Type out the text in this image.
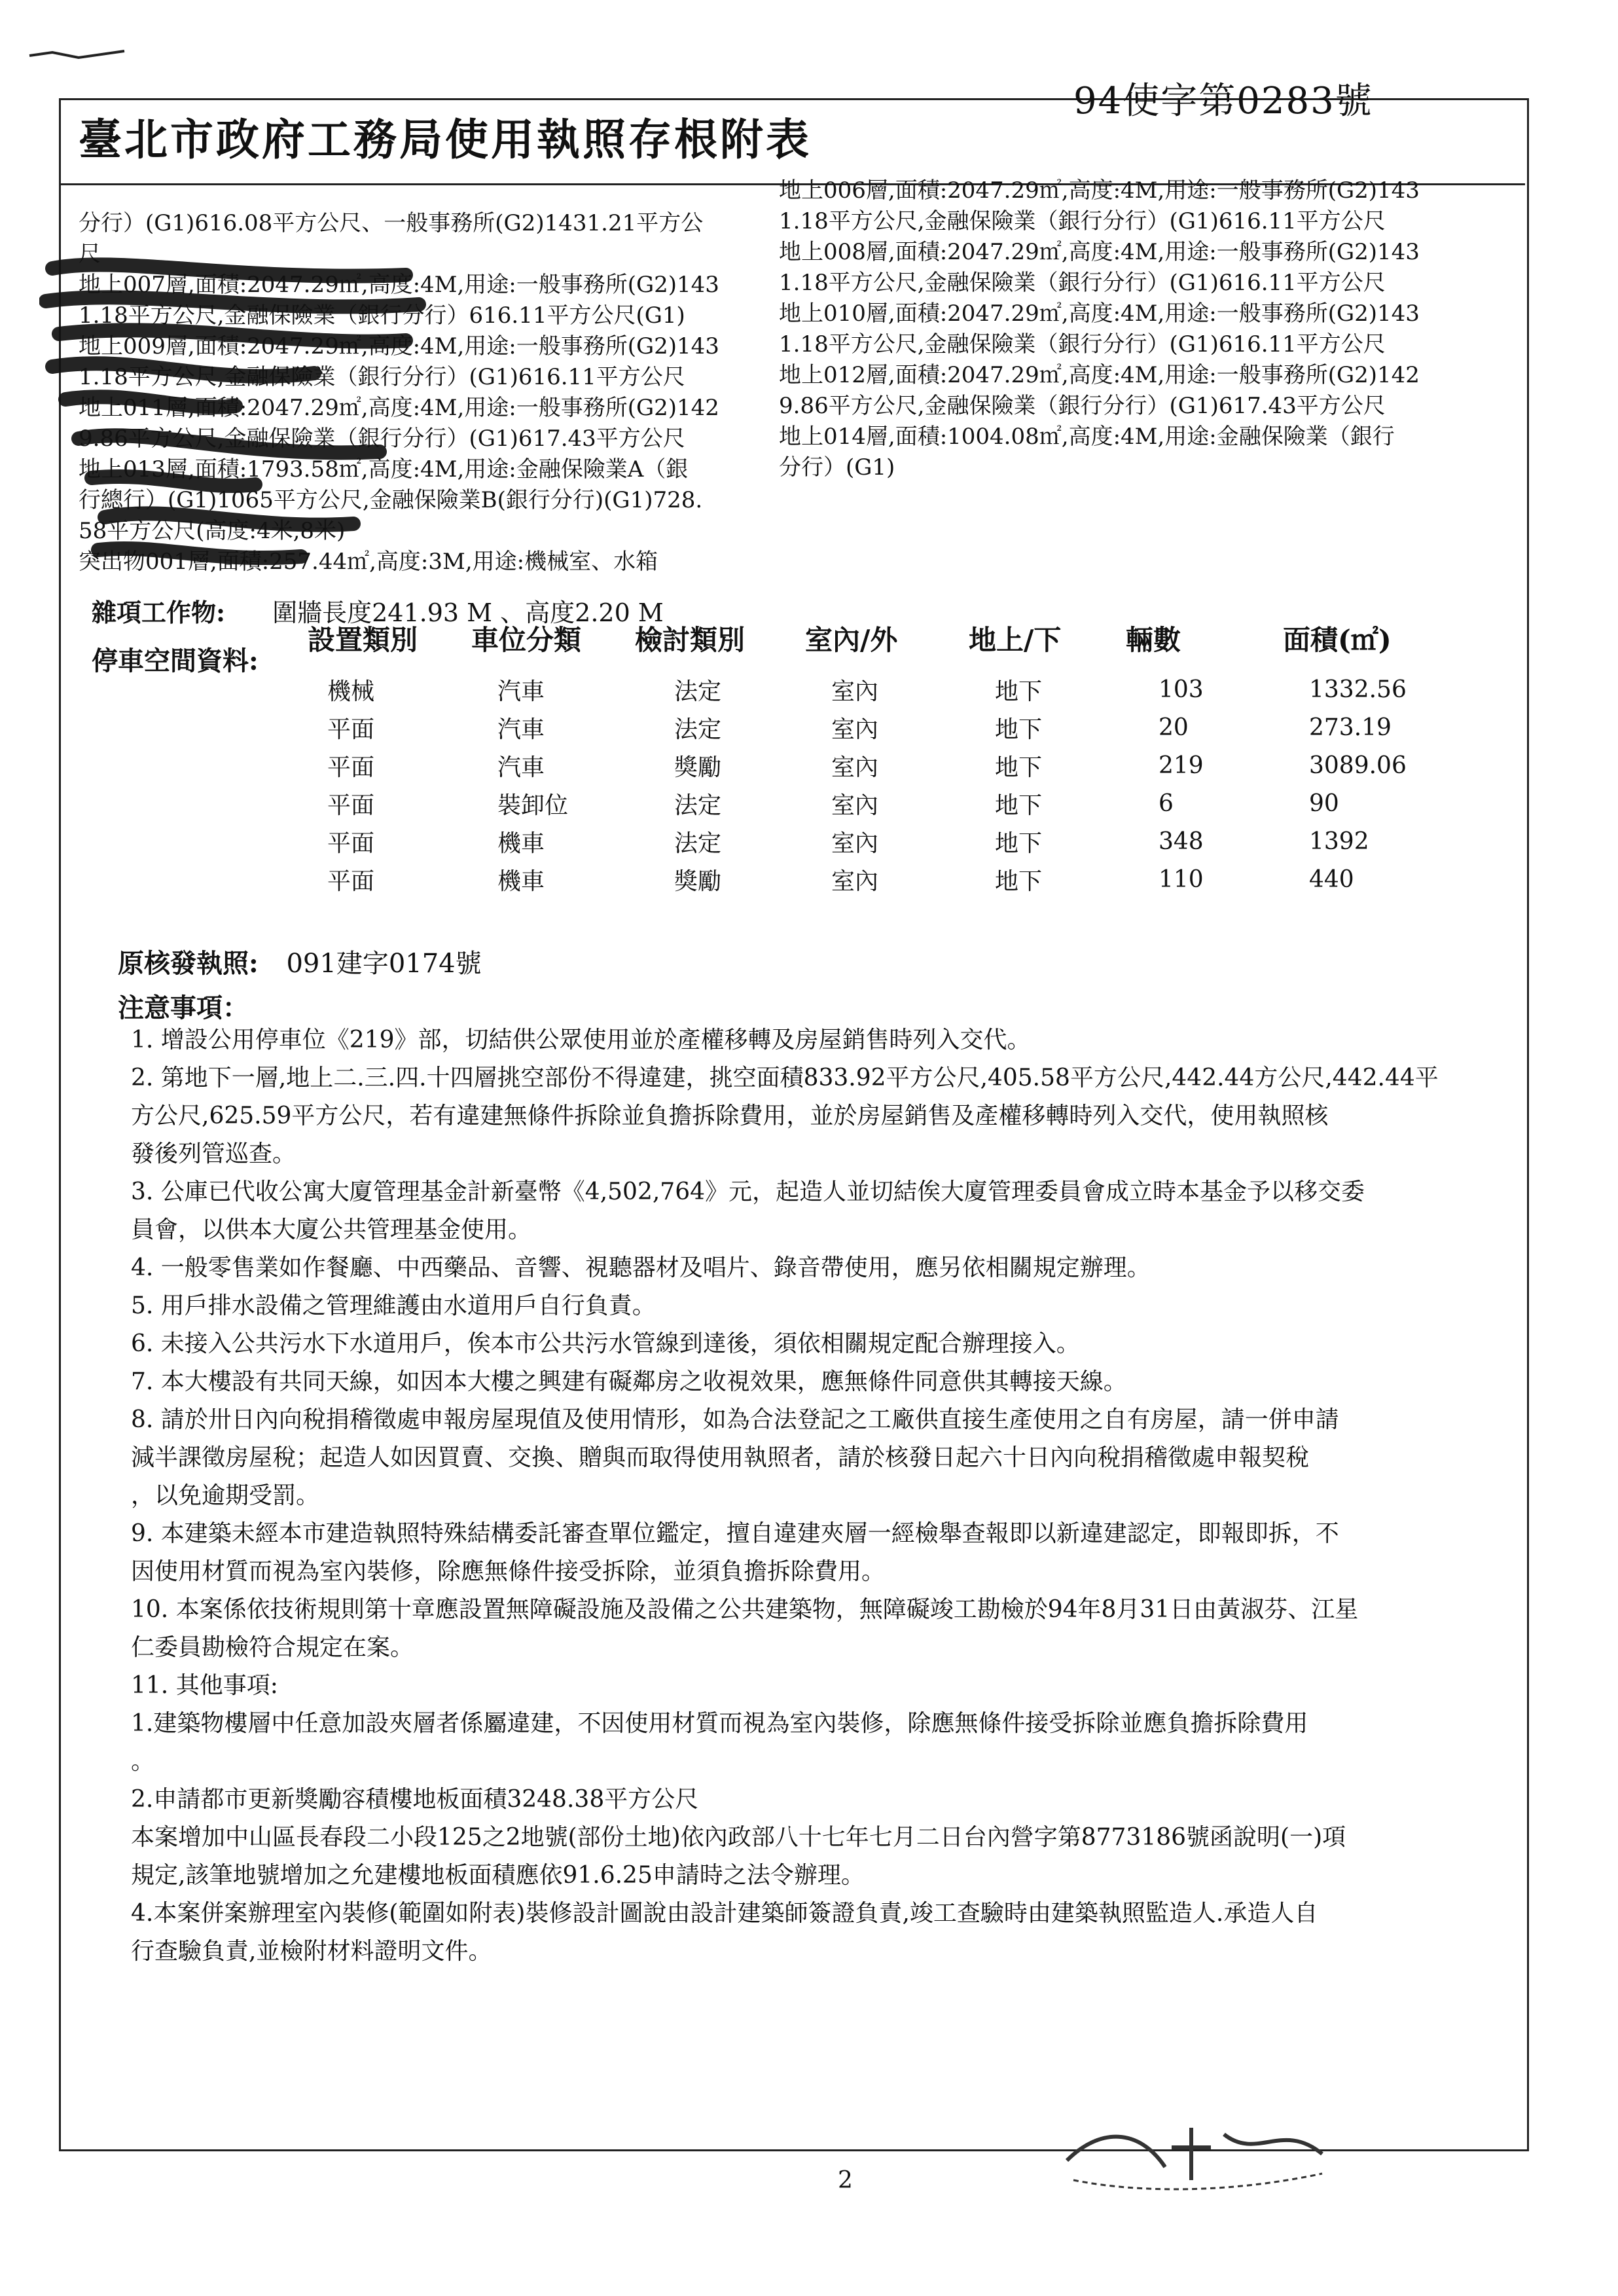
臺北市政府工務局使用執照存根附表
94使字第0283號
分行）(G1)616.08平方公尺、一般事務所(G2)1431.21平方公
尺
地上007層,面積:2047.29㎡,高度:4M,用途:一般事務所(G2)143
1.18平方公尺,金融保險業（銀行分行）616.11平方公尺(G1)
地上009層,面積:2047.29㎡,高度:4M,用途:一般事務所(G2)143
1.18平方公尺,金融保險業（銀行分行）(G1)616.11平方公尺
地上011層,面積:2047.29㎡,高度:4M,用途:一般事務所(G2)142
9.86平方公尺,金融保險業（銀行分行）(G1)617.43平方公尺
地上013層,面積:1793.58㎡,高度:4M,用途:金融保險業A（銀
行總行）(G1)1065平方公尺,金融保險業B(銀行分行)(G1)728.
58平方公尺(高度:4米,8米)
突出物001層,面積:257.44㎡,高度:3M,用途:機械室、水箱
地上006層,面積:2047.29㎡,高度:4M,用途:一般事務所(G2)143
1.18平方公尺,金融保險業（銀行分行）(G1)616.11平方公尺
地上008層,面積:2047.29㎡,高度:4M,用途:一般事務所(G2)143
1.18平方公尺,金融保險業（銀行分行）(G1)616.11平方公尺
地上010層,面積:2047.29㎡,高度:4M,用途:一般事務所(G2)143
1.18平方公尺,金融保險業（銀行分行）(G1)616.11平方公尺
地上012層,面積:2047.29㎡,高度:4M,用途:一般事務所(G2)142
9.86平方公尺,金融保險業（銀行分行）(G1)617.43平方公尺
地上014層,面積:1004.08㎡,高度:4M,用途:金融保險業（銀行
分行）(G1)
雜項工作物: 圍牆長度241.93 M 、高度2.20 M
停車空間資料:
設置類別	車位分類	檢討類別	室內/外	地上/下	輛數	面積(㎡)
機械	汽車	法定	室內	地下	103	1332.56
平面	汽車	法定	室內	地下	20	273.19
平面	汽車	獎勵	室內	地下	219	3089.06
平面	裝卸位	法定	室內	地下	6	90
平面	機車	法定	室內	地下	348	1392
平面	機車	獎勵	室內	地下	110	440
原核發執照: 091建字0174號
注意事項：
1. 增設公用停車位《219》部，切結供公眾使用並於產權移轉及房屋銷售時列入交代。
2. 第地下一層,地上二.三.四.十四層挑空部份不得違建，挑空面積833.92平方公尺,405.58平方公尺,442.44方公尺,442.44平
方公尺,625.59平方公尺，若有違建無條件拆除並負擔拆除費用，並於房屋銷售及產權移轉時列入交代，使用執照核
發後列管巡查。
3. 公庫已代收公寓大廈管理基金計新臺幣《4,502,764》元，起造人並切結俟大廈管理委員會成立時本基金予以移交委
員會，以供本大廈公共管理基金使用。
4. 一般零售業如作餐廳、中西藥品、音響、視聽器材及唱片、錄音帶使用，應另依相關規定辦理。
5. 用戶排水設備之管理維護由水道用戶自行負責。
6. 未接入公共污水下水道用戶，俟本市公共污水管線到達後，須依相關規定配合辦理接入。
7. 本大樓設有共同天線，如因本大樓之興建有礙鄰房之收視效果，應無條件同意供其轉接天線。
8. 請於卅日內向稅捐稽徵處申報房屋現值及使用情形，如為合法登記之工廠供直接生產使用之自有房屋，請一併申請
減半課徵房屋稅；起造人如因買賣、交換、贈與而取得使用執照者，請於核發日起六十日內向稅捐稽徵處申報契稅
，以免逾期受罰。
9. 本建築未經本市建造執照特殊結構委託審查單位鑑定，擅自違建夾層一經檢舉查報即以新違建認定，即報即拆，不
因使用材質而視為室內裝修，除應無條件接受拆除，並須負擔拆除費用。
10. 本案係依技術規則第十章應設置無障礙設施及設備之公共建築物，無障礙竣工勘檢於94年8月31日由黃淑芬、江星
仁委員勘檢符合規定在案。
11. 其他事項:
1.建築物樓層中任意加設夾層者係屬違建，不因使用材質而視為室內裝修，除應無條件接受拆除並應負擔拆除費用
。
2.申請都市更新獎勵容積樓地板面積3248.38平方公尺
本案增加中山區長春段二小段125之2地號(部份土地)依內政部八十七年七月二日台內營字第8773186號函說明(一)項
規定,該筆地號增加之允建樓地板面積應依91.6.25申請時之法令辦理。
4.本案併案辦理室內裝修(範圍如附表)裝修設計圖說由設計建築師簽證負責,竣工查驗時由建築執照監造人.承造人自
行查驗負責,並檢附材料證明文件。
2
